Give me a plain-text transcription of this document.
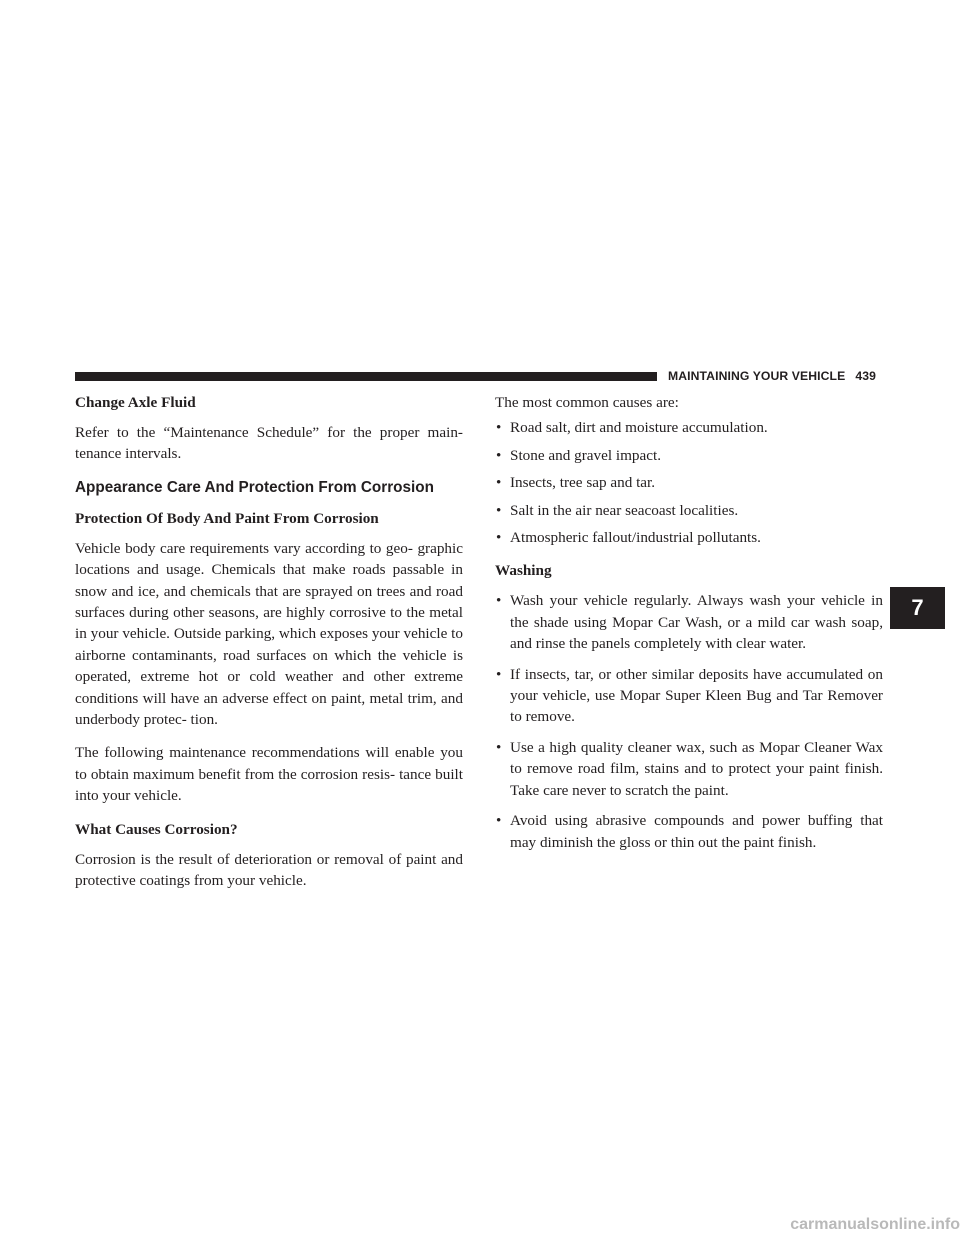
MAINTAINING YOUR VEHICLE 439
Change Axle Fluid

Refer to the “Maintenance Schedule” for the proper main- tenance intervals.

Appearance Care And Protection From Corrosion
Protection Of Body And Paint From Corrosion

Vehicle body care requirements vary according to geo- graphic locations and usage. Chemicals that make roads passable in snow and ice, and chemicals that are sprayed on trees and road surfaces during other seasons, are highly corrosive to the metal in your vehicle. Outside parking, which exposes your vehicle to airborne contaminants, road surfaces on which the vehicle is operated, extreme hot or cold weather and other extreme conditions will have an adverse effect on paint, metal trim, and underbody protec- tion.

The following maintenance recommendations will enable you to obtain maximum benefit from the corrosion resis- tance built into your vehicle.

What Causes Corrosion?

Corrosion is the result of deterioration or removal of paint and protective coatings from your vehicle.

The most common causes are:

• Road salt, dirt and moisture accumulation.
• Stone and gravel impact.
• Insects, tree sap and tar.
• Salt in the air near seacoast localities.
• Atmospheric fallout/industrial pollutants.
Washing
• Wash your vehicle regularly. Always wash your vehicle in the shade using Mopar Car Wash, or a mild car wash soap, and rinse the panels completely with clear water.
• If insects, tar, or other similar deposits have accumulated on your vehicle, use Mopar Super Kleen Bug and Tar Remover to remove.
• Use a high quality cleaner wax, such as Mopar Cleaner Wax to remove road film, stains and to protect your paint finish. Take care never to scratch the paint.
• Avoid using abrasive compounds and power buffing that may diminish the gloss or thin out the paint finish.
7
carmanualsonline.info
